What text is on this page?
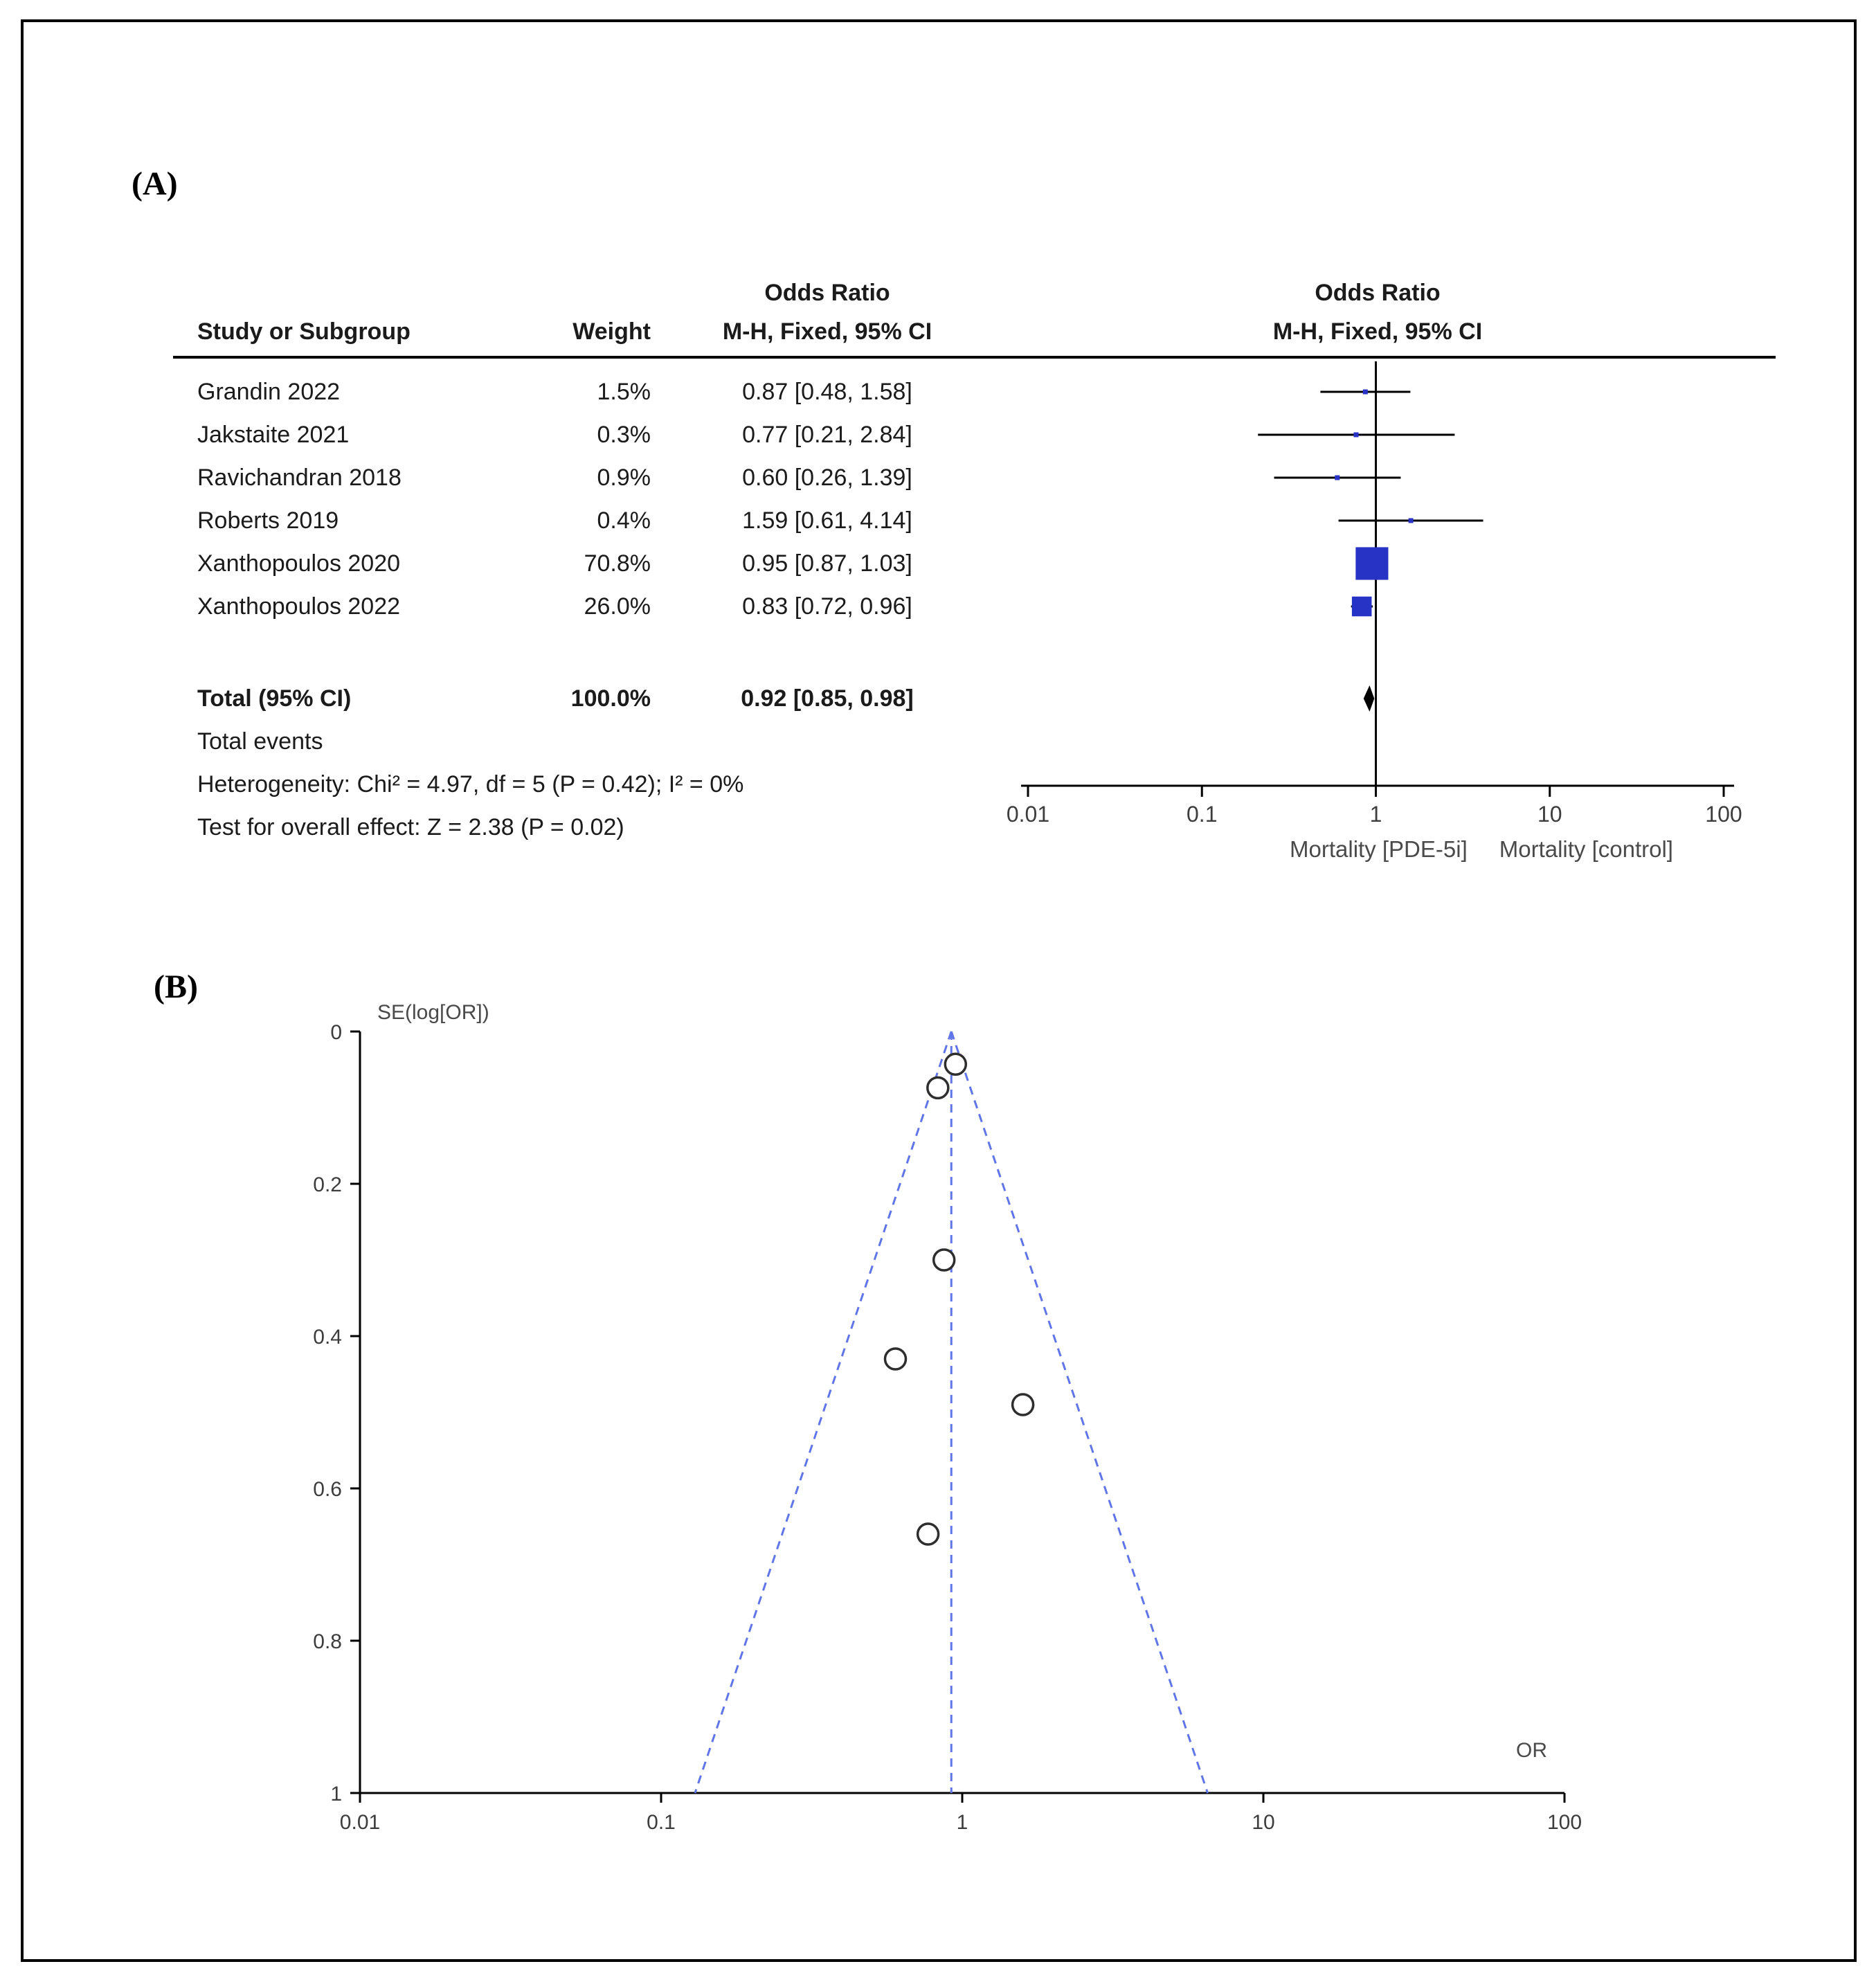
(A)
Odds Ratio	Odds Ratio
Study or Subgroup	Weight	M-H, Fixed, 95% CI	M-H, Fixed, 95% CI
Grandin 2022	1.5%	0.87 [0.48, 1.58]
Jakstaite 2021	0.3%	0.77 [0.21, 2.84]
Ravichandran 2018	0.9%	0.60 [0.26, 1.39]
Roberts 2019	0.4%	1.59 [0.61, 4.14]
Xanthopoulos 2020	70.8%	0.95 [0.87, 1.03]
Xanthopoulos 2022	26.0%	0.83 [0.72, 0.96]
Total (95% CI)	100.0%	0.92 [0.85, 0.98]
Total events
Heterogeneity: Chi² = 4.97, df = 5 (P = 0.42); I² = 0%
Test for overall effect: Z = 2.38 (P = 0.02)	0.01	0.1	1	10	100
Mortality [PDE-5i] Mortality [control]
(B)
SE(log[OR])
OR
0
0.2
0.4
0.6
0.8
1
0.01	0.1	1	10	100
